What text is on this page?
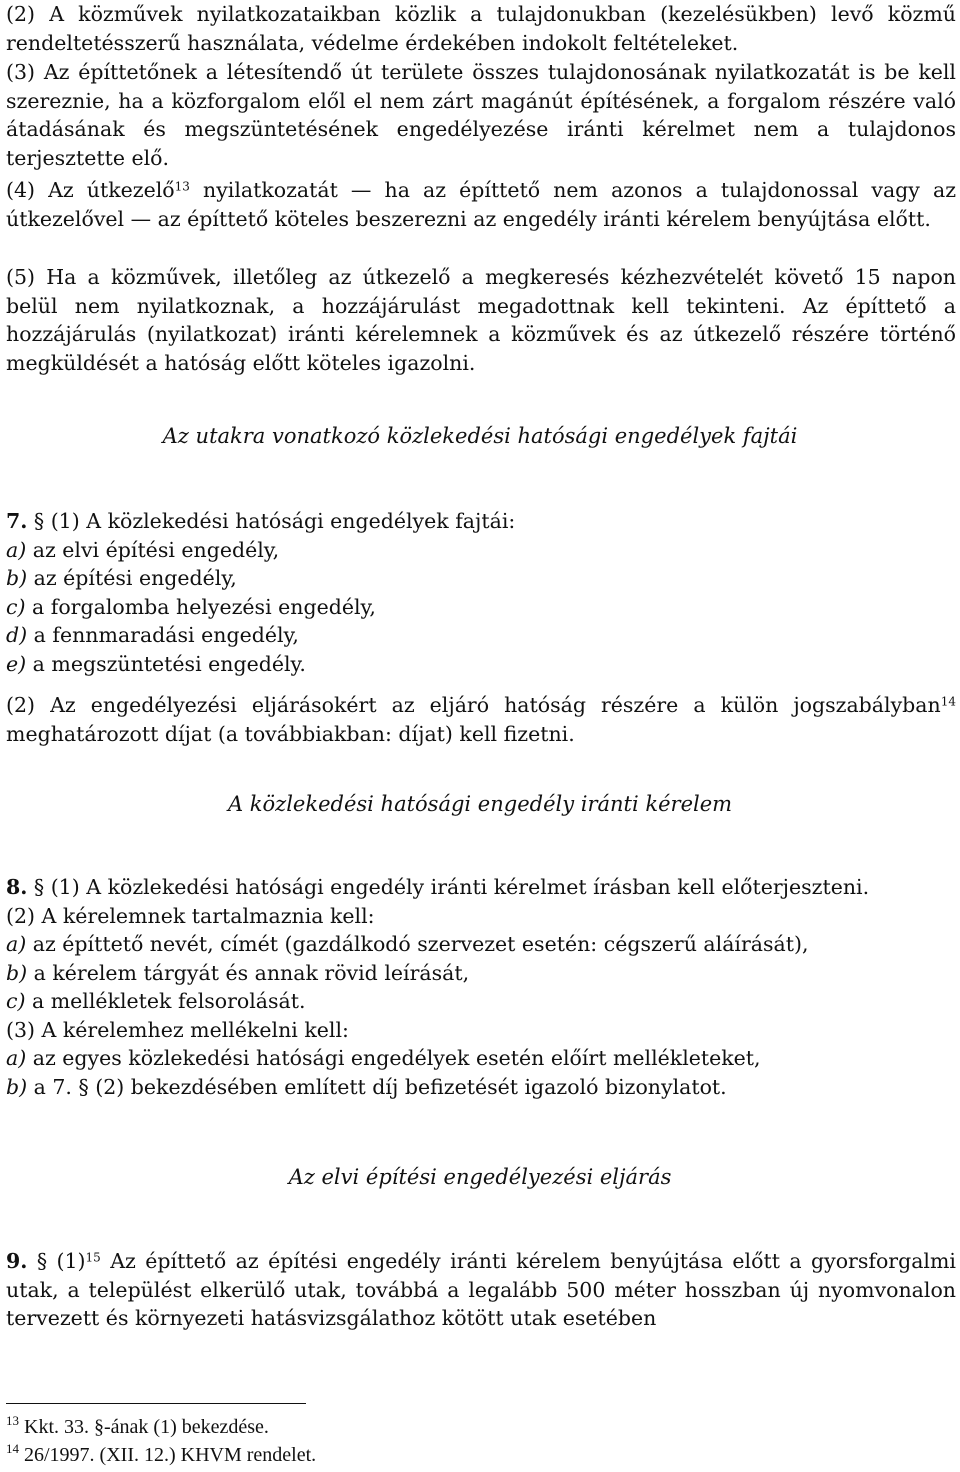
(2) A közművek nyilatkozataikban közlik a tulajdonukban (kezelésükben) levő közmű rendeltetésszerű használata, védelme érdekében indokolt feltételeket.

(3) Az építtetőnek a létesítendő út területe összes tulajdonosának nyilatkozatát is be kell szereznie, ha a közforgalom elől el nem zárt magánút építésének, a forgalom részére való átadásának és megszüntetésének engedélyezése iránti kérelmet nem a tulajdonos terjesztette elő.

(4) Az útkezelő$^{13}$ nyilatkozatát — ha az építtető nem azonos a tulajdonossal vagy az útkezelővel — az építtető köteles beszerezni az engedély iránti kérelem benyújtása előtt.

(5) Ha a közművek, illetőleg az útkezelő a megkeresés kézhezvételét követő 15 napon belül nem nyilatkoznak, a hozzájárulást megadottnak kell tekinteni. Az építtető a hozzájárulás (nyilatkozat) iránti kérelemnek a közművek és az útkezelő részére történő megküldését a hatóság előtt köteles igazolni.

Az utakra vonatkozó közlekedési hatósági engedélyek fajtái

7. § (1) A közlekedési hatósági engedélyek fajtái:
a) az elvi építési engedély,
b) az építési engedély,
c) a forgalomba helyezési engedély,
d) a fennmaradási engedély,
e) a megszüntetési engedély.

(2) Az engedélyezési eljárásokért az eljáró hatóság részére a külön jogszabályban$^{14}$ meghatározott díjat (a továbbiakban: díjat) kell fizetni.

A közlekedési hatósági engedély iránti kérelem

8. § (1) A közlekedési hatósági engedély iránti kérelmet írásban kell előterjeszteni.
(2) A kérelemnek tartalmaznia kell:
a) az építtető nevét, címét (gazdálkodó szervezet esetén: cégszerű aláírását),
b) a kérelem tárgyát és annak rövid leírását,
c) a mellékletek felsorolását.
(3) A kérelemhez mellékelni kell:
a) az egyes közlekedési hatósági engedélyek esetén előírt mellékleteket,
b) a 7. § (2) bekezdésében említett díj befizetését igazoló bizonylatot.

Az elvi építési engedélyezési eljárás

9. § $(1)^{15}$ Az építtető az építési engedély iránti kérelem benyújtása előtt a gyorsforgalmi utak, a települést elkerülő utak, továbbá a legalább 500 méter hosszban új nyomvonalon tervezett és környezeti hatásvizsgálathoz kötött utak esetében

$^{13}$ Kkt. 33. §-ának (1) bekezdése.

$^{14}$ 26/1997. (XII. 12.) KHVM rendelet.
